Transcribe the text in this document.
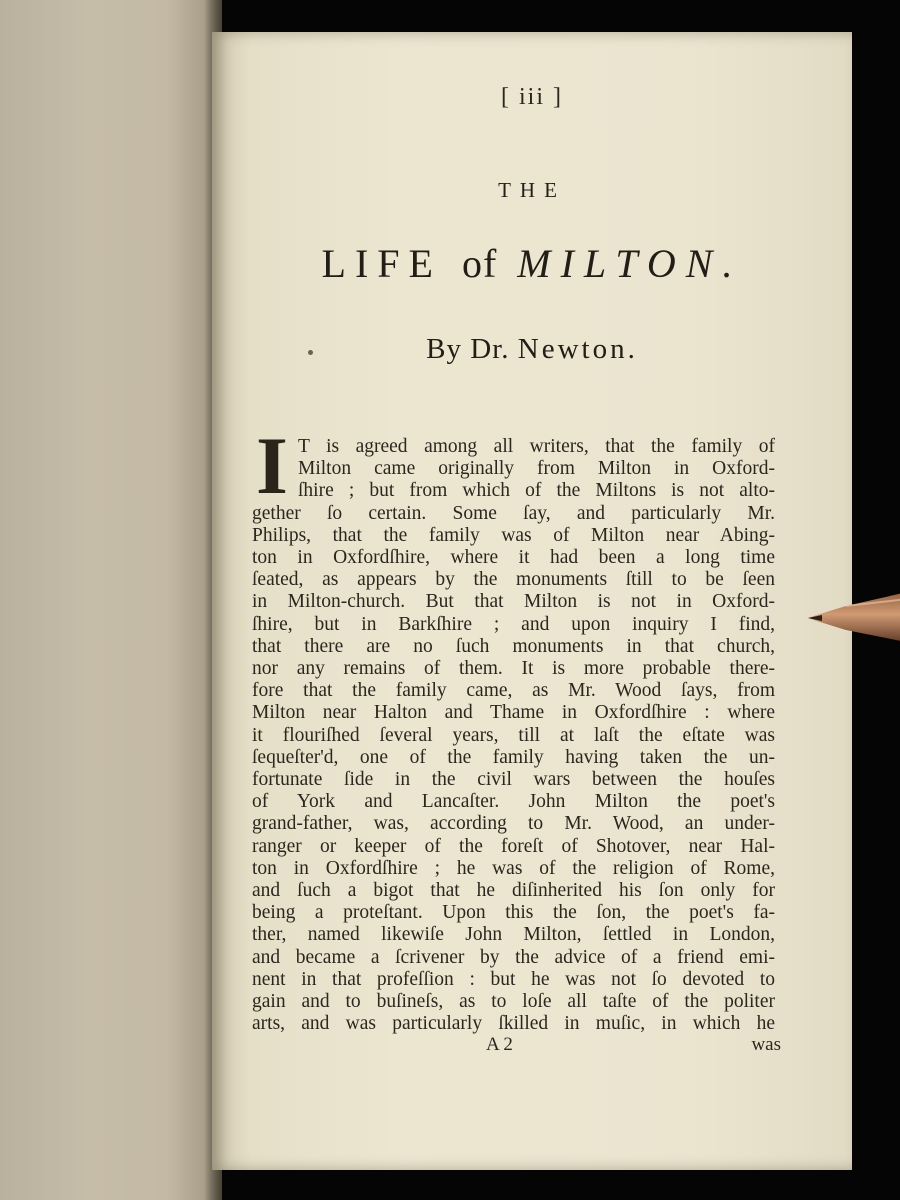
[ iii ]
THE
LIFE of MILTON.
By Dr. Newton.
I T is agreed among all writers, that the family of
Milton came originally from Milton in Oxford-
ſhire ; but from which of the Miltons is not alto-
gether ſo certain. Some ſay, and particularly Mr.
Philips, that the family was of Milton near Abing-
ton in Oxfordſhire, where it had been a long time
ſeated, as appears by the monuments ſtill to be ſeen
in Milton-church. But that Milton is not in Oxford-
ſhire, but in Barkſhire ; and upon inquiry I find,
that there are no ſuch monuments in that church,
nor any remains of them. It is more probable there-
fore that the family came, as Mr. Wood ſays, from
Milton near Halton and Thame in Oxfordſhire : where
it flouriſhed ſeveral years, till at laſt the eſtate was
ſequeſter'd, one of the family having taken the un-
fortunate ſide in the civil wars between the houſes
of York and Lancaſter. John Milton the poet's
grand-father, was, according to Mr. Wood, an under-
ranger or keeper of the foreſt of Shotover, near Hal-
ton in Oxfordſhire ; he was of the religion of Rome,
and ſuch a bigot that he diſinherited his ſon only for
being a proteſtant. Upon this the ſon, the poet's fa-
ther, named likewiſe John Milton, ſettled in London,
and became a ſcrivener by the advice of a friend emi-
nent in that profeſſion : but he was not ſo devoted to
gain and to buſineſs, as to loſe all taſte of the politer
arts, and was particularly ſkilled in muſic, in which he
A 2	was
